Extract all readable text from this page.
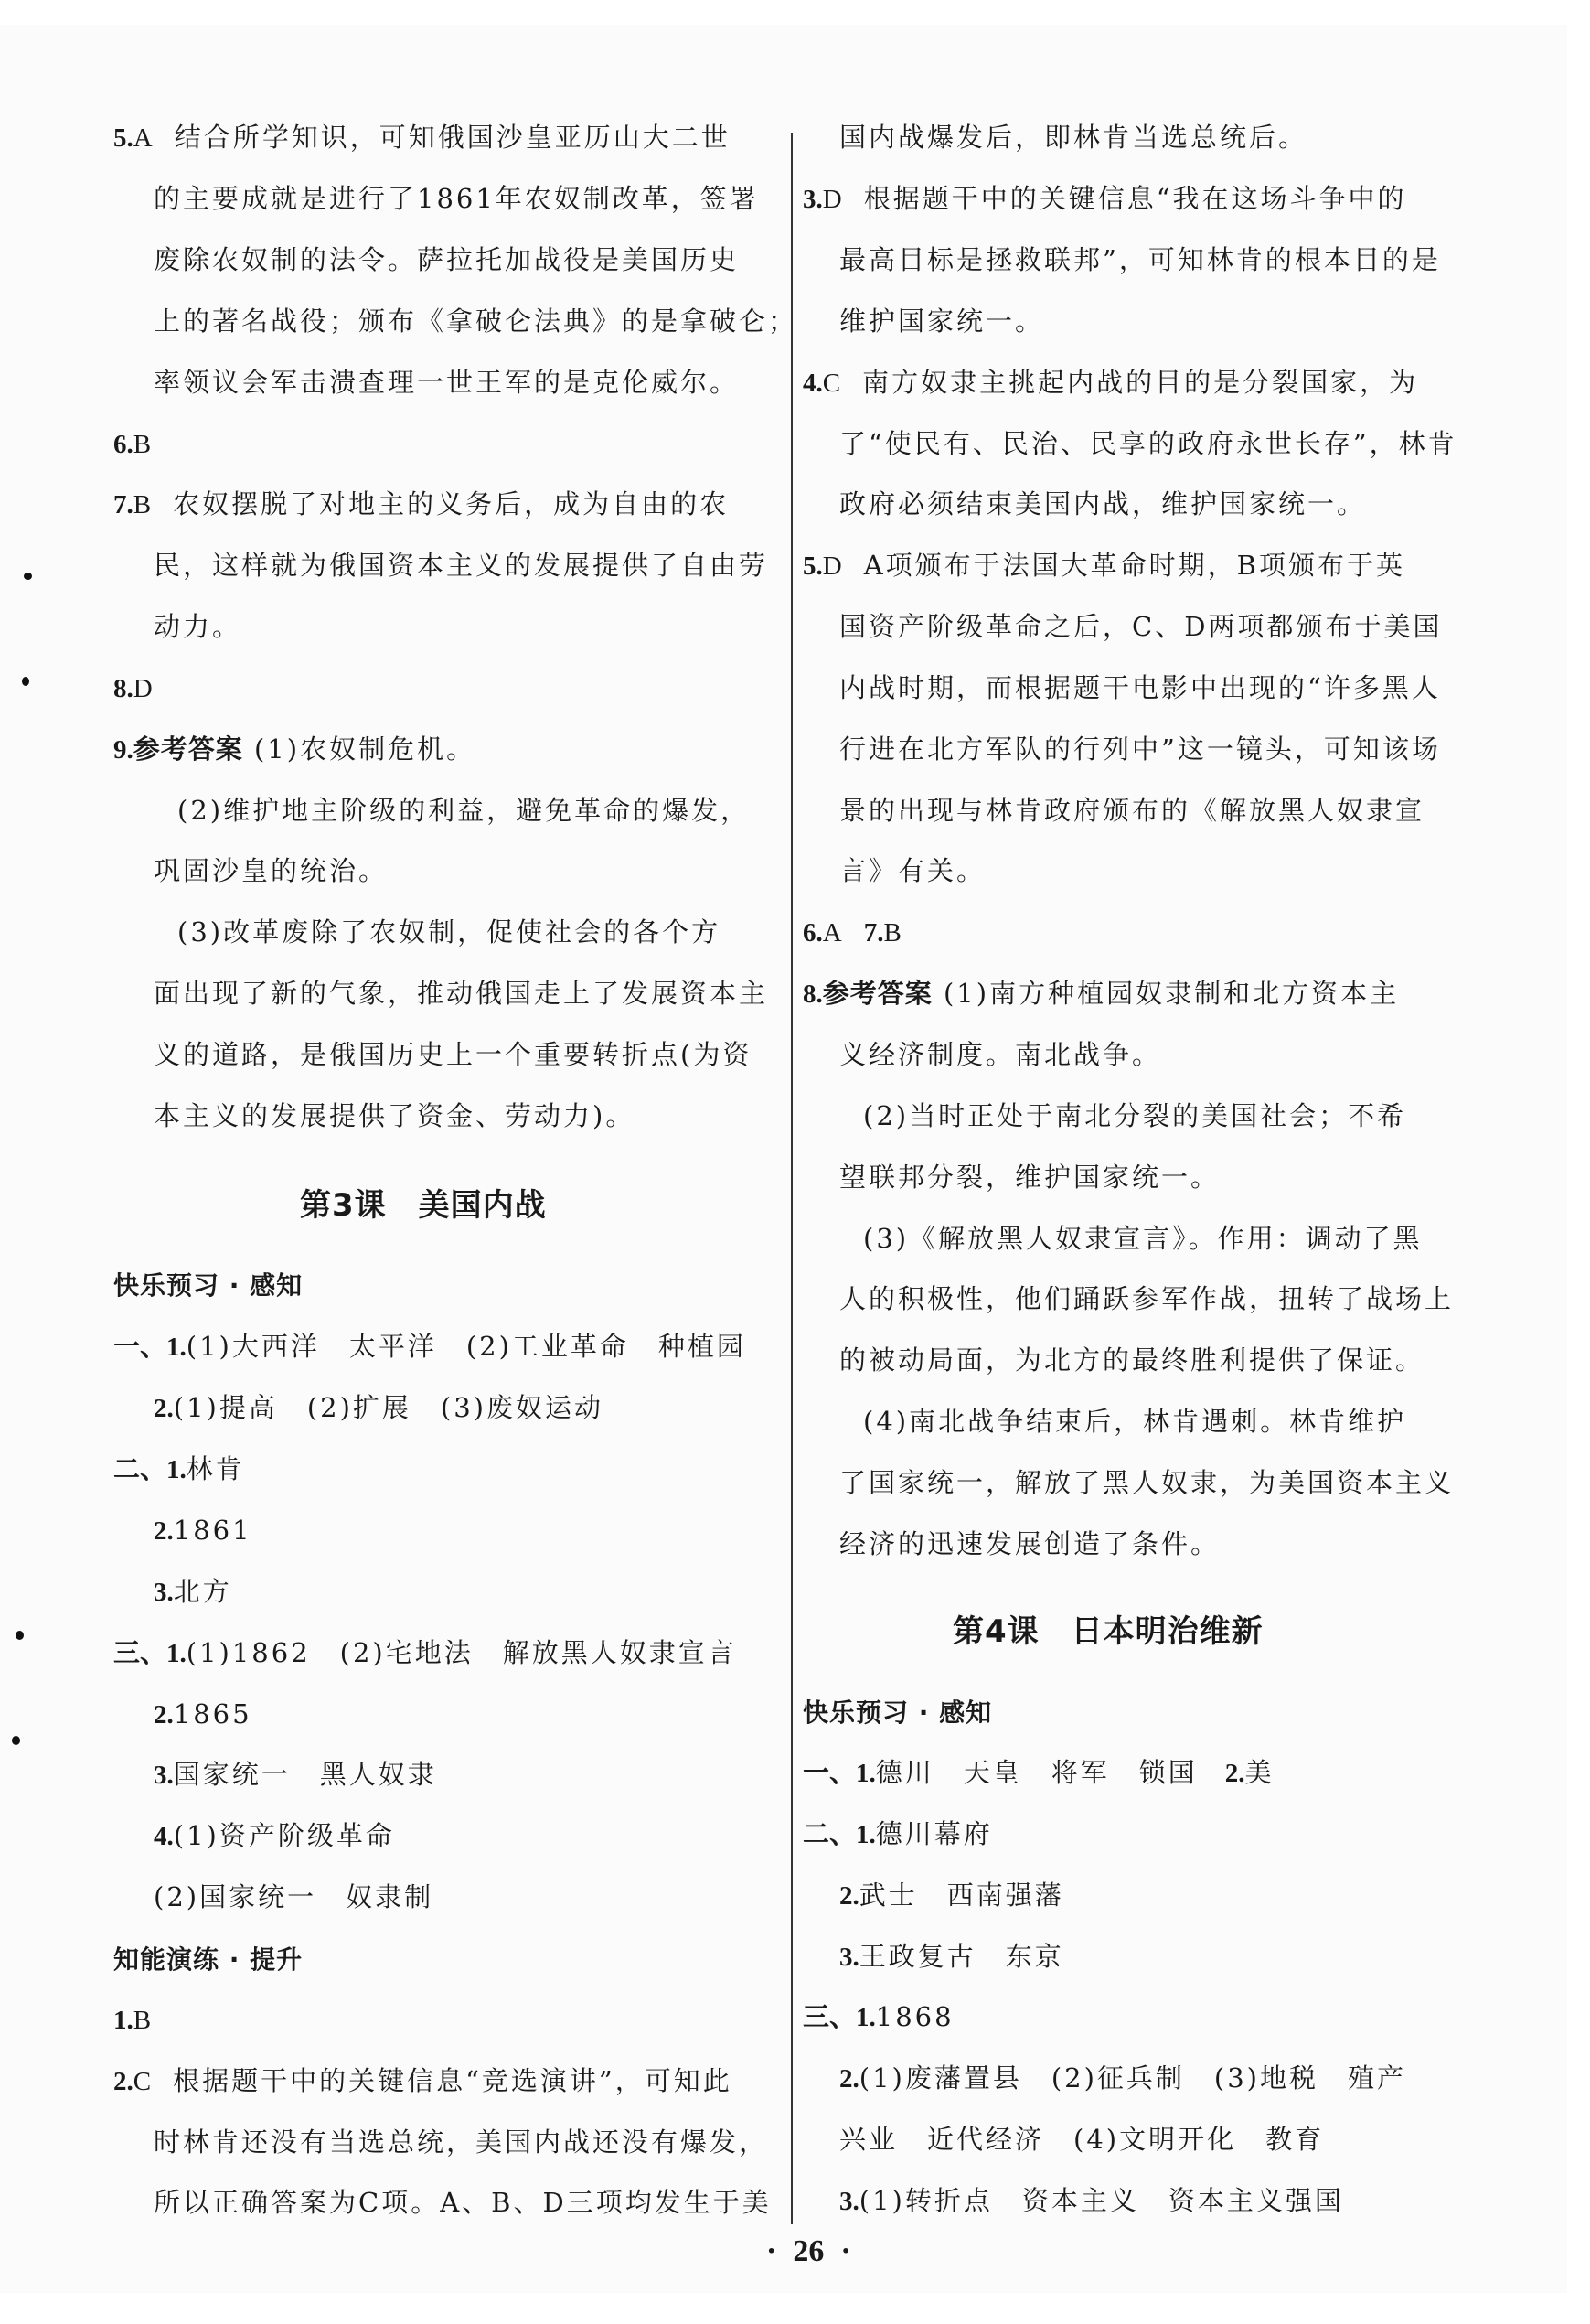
5.A 结合所学知识，可知俄国沙皇亚历山大二世
的主要成就是进行了1861年农奴制改革，签署
废除农奴制的法令。萨拉托加战役是美国历史
上的著名战役；颁布《拿破仑法典》的是拿破仑；
率领议会军击溃查理一世王军的是克伦威尔。
6.B
7.B 农奴摆脱了对地主的义务后，成为自由的农
民，这样就为俄国资本主义的发展提供了自由劳
动力。
8.D
9.参考答案 (1)农奴制危机。
(2)维护地主阶级的利益，避免革命的爆发，
巩固沙皇的统治。
(3)改革废除了农奴制，促使社会的各个方
面出现了新的气象，推动俄国走上了发展资本主
义的道路，是俄国历史上一个重要转折点(为资
本主义的发展提供了资金、劳动力)。
第3课　美国内战
快乐预习 · 感知
一、1.(1)大西洋　太平洋　(2)工业革命　种植园
2.(1)提高　(2)扩展　(3)废奴运动
二、1.林肯
2.1861
3.北方
三、1.(1)1862　(2)宅地法　解放黑人奴隶宣言
2.1865
3.国家统一　黑人奴隶
4.(1)资产阶级革命
(2)国家统一　奴隶制
知能演练 · 提升
1.B
2.C 根据题干中的关键信息“竞选演讲”，可知此
时林肯还没有当选总统，美国内战还没有爆发，
所以正确答案为C项。A、B、D三项均发生于美
国内战爆发后，即林肯当选总统后。
3.D 根据题干中的关键信息“我在这场斗争中的
最高目标是拯救联邦”，可知林肯的根本目的是
维护国家统一。
4.C 南方奴隶主挑起内战的目的是分裂国家，为
了“使民有、民治、民享的政府永世长存”，林肯
政府必须结束美国内战，维护国家统一。
5.D A项颁布于法国大革命时期，B项颁布于英
国资产阶级革命之后，C、D两项都颁布于美国
内战时期，而根据题干电影中出现的“许多黑人
行进在北方军队的行列中”这一镜头，可知该场
景的出现与林肯政府颁布的《解放黑人奴隶宣
言》有关。
6.A 7.B
8.参考答案 (1)南方种植园奴隶制和北方资本主
义经济制度。南北战争。
(2)当时正处于南北分裂的美国社会；不希
望联邦分裂，维护国家统一。
(3)《解放黑人奴隶宣言》。作用：调动了黑
人的积极性，他们踊跃参军作战，扭转了战场上
的被动局面，为北方的最终胜利提供了保证。
(4)南北战争结束后，林肯遇刺。林肯维护
了国家统一，解放了黑人奴隶，为美国资本主义
经济的迅速发展创造了条件。
第4课　日本明治维新
快乐预习 · 感知
一、1.德川　天皇　将军　锁国 2.美
二、1.德川幕府
2.武士　西南强藩
3.王政复古　东京
三、1.1868
2.(1)废藩置县　(2)征兵制　(3)地税　殖产
兴业　近代经济　(4)文明开化　教育
3.(1)转折点　资本主义　资本主义强国
· 26 ·
